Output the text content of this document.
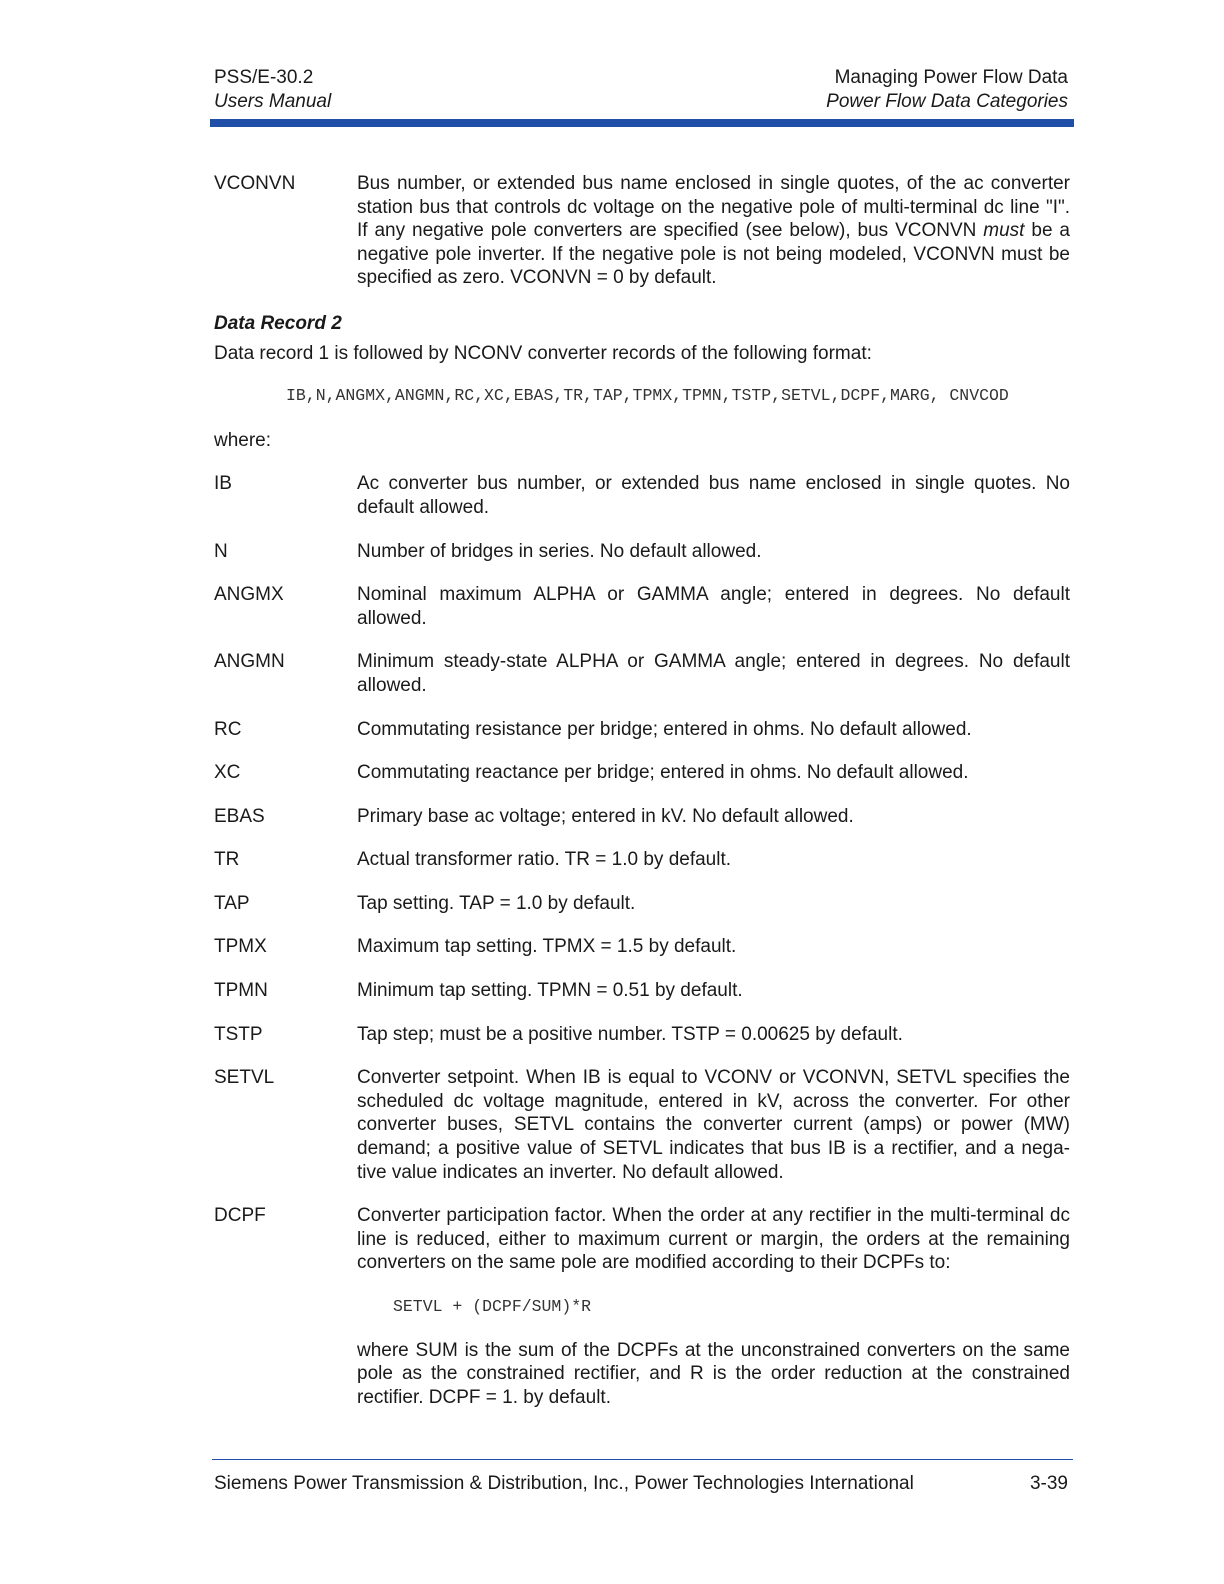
PSS/E-30.2
Users Manual
Managing Power Flow Data
Power Flow Data Categories
VCONVN	Bus number, or extended bus name enclosed in single quotes, of the ac converter station bus that controls dc voltage on the negative pole of multi-terminal dc line "I". If any negative pole converters are specified (see below), bus VCONVN must be a negative pole inverter. If the negative pole is not being modeled, VCONVN must be specified as zero. VCONVN = 0 by default.
Data Record 2
Data record 1 is followed by NCONV converter records of the following format:
IB,N,ANGMX,ANGMN,RC,XC,EBAS,TR,TAP,TPMX,TPMN,TSTP,SETVL,DCPF,MARG, CNVCOD
where:
IB	Ac converter bus number, or extended bus name enclosed in single quotes. No default allowed.
N	Number of bridges in series. No default allowed.
ANGMX	Nominal maximum ALPHA or GAMMA angle; entered in degrees. No default allowed.
ANGMN	Minimum steady-state ALPHA or GAMMA angle; entered in degrees. No default allowed.
RC	Commutating resistance per bridge; entered in ohms. No default allowed.
XC	Commutating reactance per bridge; entered in ohms. No default allowed.
EBAS	Primary base ac voltage; entered in kV. No default allowed.
TR	Actual transformer ratio. TR = 1.0 by default.
TAP	Tap setting. TAP = 1.0 by default.
TPMX	Maximum tap setting. TPMX = 1.5 by default.
TPMN	Minimum tap setting. TPMN = 0.51 by default.
TSTP	Tap step; must be a positive number. TSTP = 0.00625 by default.
SETVL	Converter setpoint. When IB is equal to VCONV or VCONVN, SETVL specifies the scheduled dc voltage magnitude, entered in kV, across the converter. For other converter buses, SETVL contains the converter current (amps) or power (MW) demand; a positive value of SETVL indicates that bus IB is a rectifier, and a nega-tive value indicates an inverter. No default allowed.
DCPF	Converter participation factor. When the order at any rectifier in the multi-terminal dc line is reduced, either to maximum current or margin, the orders at the remaining converters on the same pole are modified according to their DCPFs to:
SETVL + (DCPF/SUM)*R
where SUM is the sum of the DCPFs at the unconstrained converters on the same pole as the constrained rectifier, and R is the order reduction at the constrained rectifier. DCPF = 1. by default.
Siemens Power Transmission & Distribution, Inc., Power Technologies International	3-39
